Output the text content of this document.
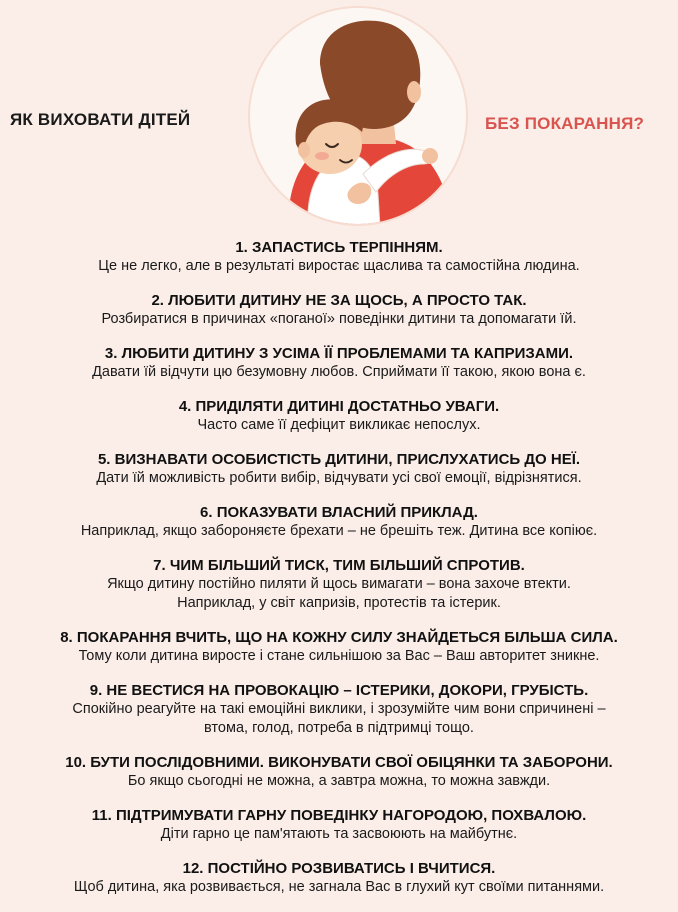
ЯК ВИХОВАТИ ДІТЕЙ	БЕЗ ПОКАРАННЯ?
1. ЗАПАСТИСЬ ТЕРПІННЯМ.
Це не легко, але в результаті виростає щаслива та самостійна людина.
2. ЛЮБИТИ ДИТИНУ НЕ ЗА ЩОСЬ, А ПРОСТО ТАК.
Розбиратися в причинах «поганої» поведінки дитини та допомагати їй.
3. ЛЮБИТИ ДИТИНУ З УСІМА ЇЇ ПРОБЛЕМАМИ ТА КАПРИЗАМИ.
Давати їй відчути цю безумовну любов. Сприймати її такою, якою вона є.
4. ПРИДІЛЯТИ ДИТИНІ ДОСТАТНЬО УВАГИ.
Часто саме її дефіцит викликає непослух.
5. ВИЗНАВАТИ ОСОБИСТІСТЬ ДИТИНИ, ПРИСЛУХАТИСЬ ДО НЕЇ.
Дати їй можливість робити вибір, відчувати усі свої емоції, відрізнятися.
6. ПОКАЗУВАТИ ВЛАСНИЙ ПРИКЛАД.
Наприклад, якщо забороняєте брехати – не брешіть теж. Дитина все копіює.
7. ЧИМ БІЛЬШИЙ ТИСК, ТИМ БІЛЬШИЙ СПРОТИВ.
Якщо дитину постійно пиляти й щось вимагати – вона захоче втекти.
Наприклад, у світ капризів, протестів та істерик.
8. ПОКАРАННЯ ВЧИТЬ, ЩО НА КОЖНУ СИЛУ ЗНАЙДЕТЬСЯ БІЛЬША СИЛА.
Тому коли дитина виросте і стане сильнішою за Вас – Ваш авторитет зникне.
9. НЕ ВЕСТИСЯ НА ПРОВОКАЦІЮ – ІСТЕРИКИ, ДОКОРИ, ГРУБІСТЬ.
Спокійно реагуйте на такі емоційні виклики, і зрозумійте чим вони спричинені –
втома, голод, потреба в підтримці тощо.
10. БУТИ ПОСЛІДОВНИМИ. ВИКОНУВАТИ СВОЇ ОБІЦЯНКИ ТА ЗАБОРОНИ.
Бо якщо сьогодні не можна, а завтра можна, то можна завжди.
11. ПІДТРИМУВАТИ ГАРНУ ПОВЕДІНКУ НАГОРОДОЮ, ПОХВАЛОЮ.
Діти гарно це пам'ятають та засвоюють на майбутнє.
12. ПОСТІЙНО РОЗВИВАТИСЬ І ВЧИТИСЯ.
Щоб дитина, яка розвивається, не загнала Вас в глухий кут своїми питаннями.
